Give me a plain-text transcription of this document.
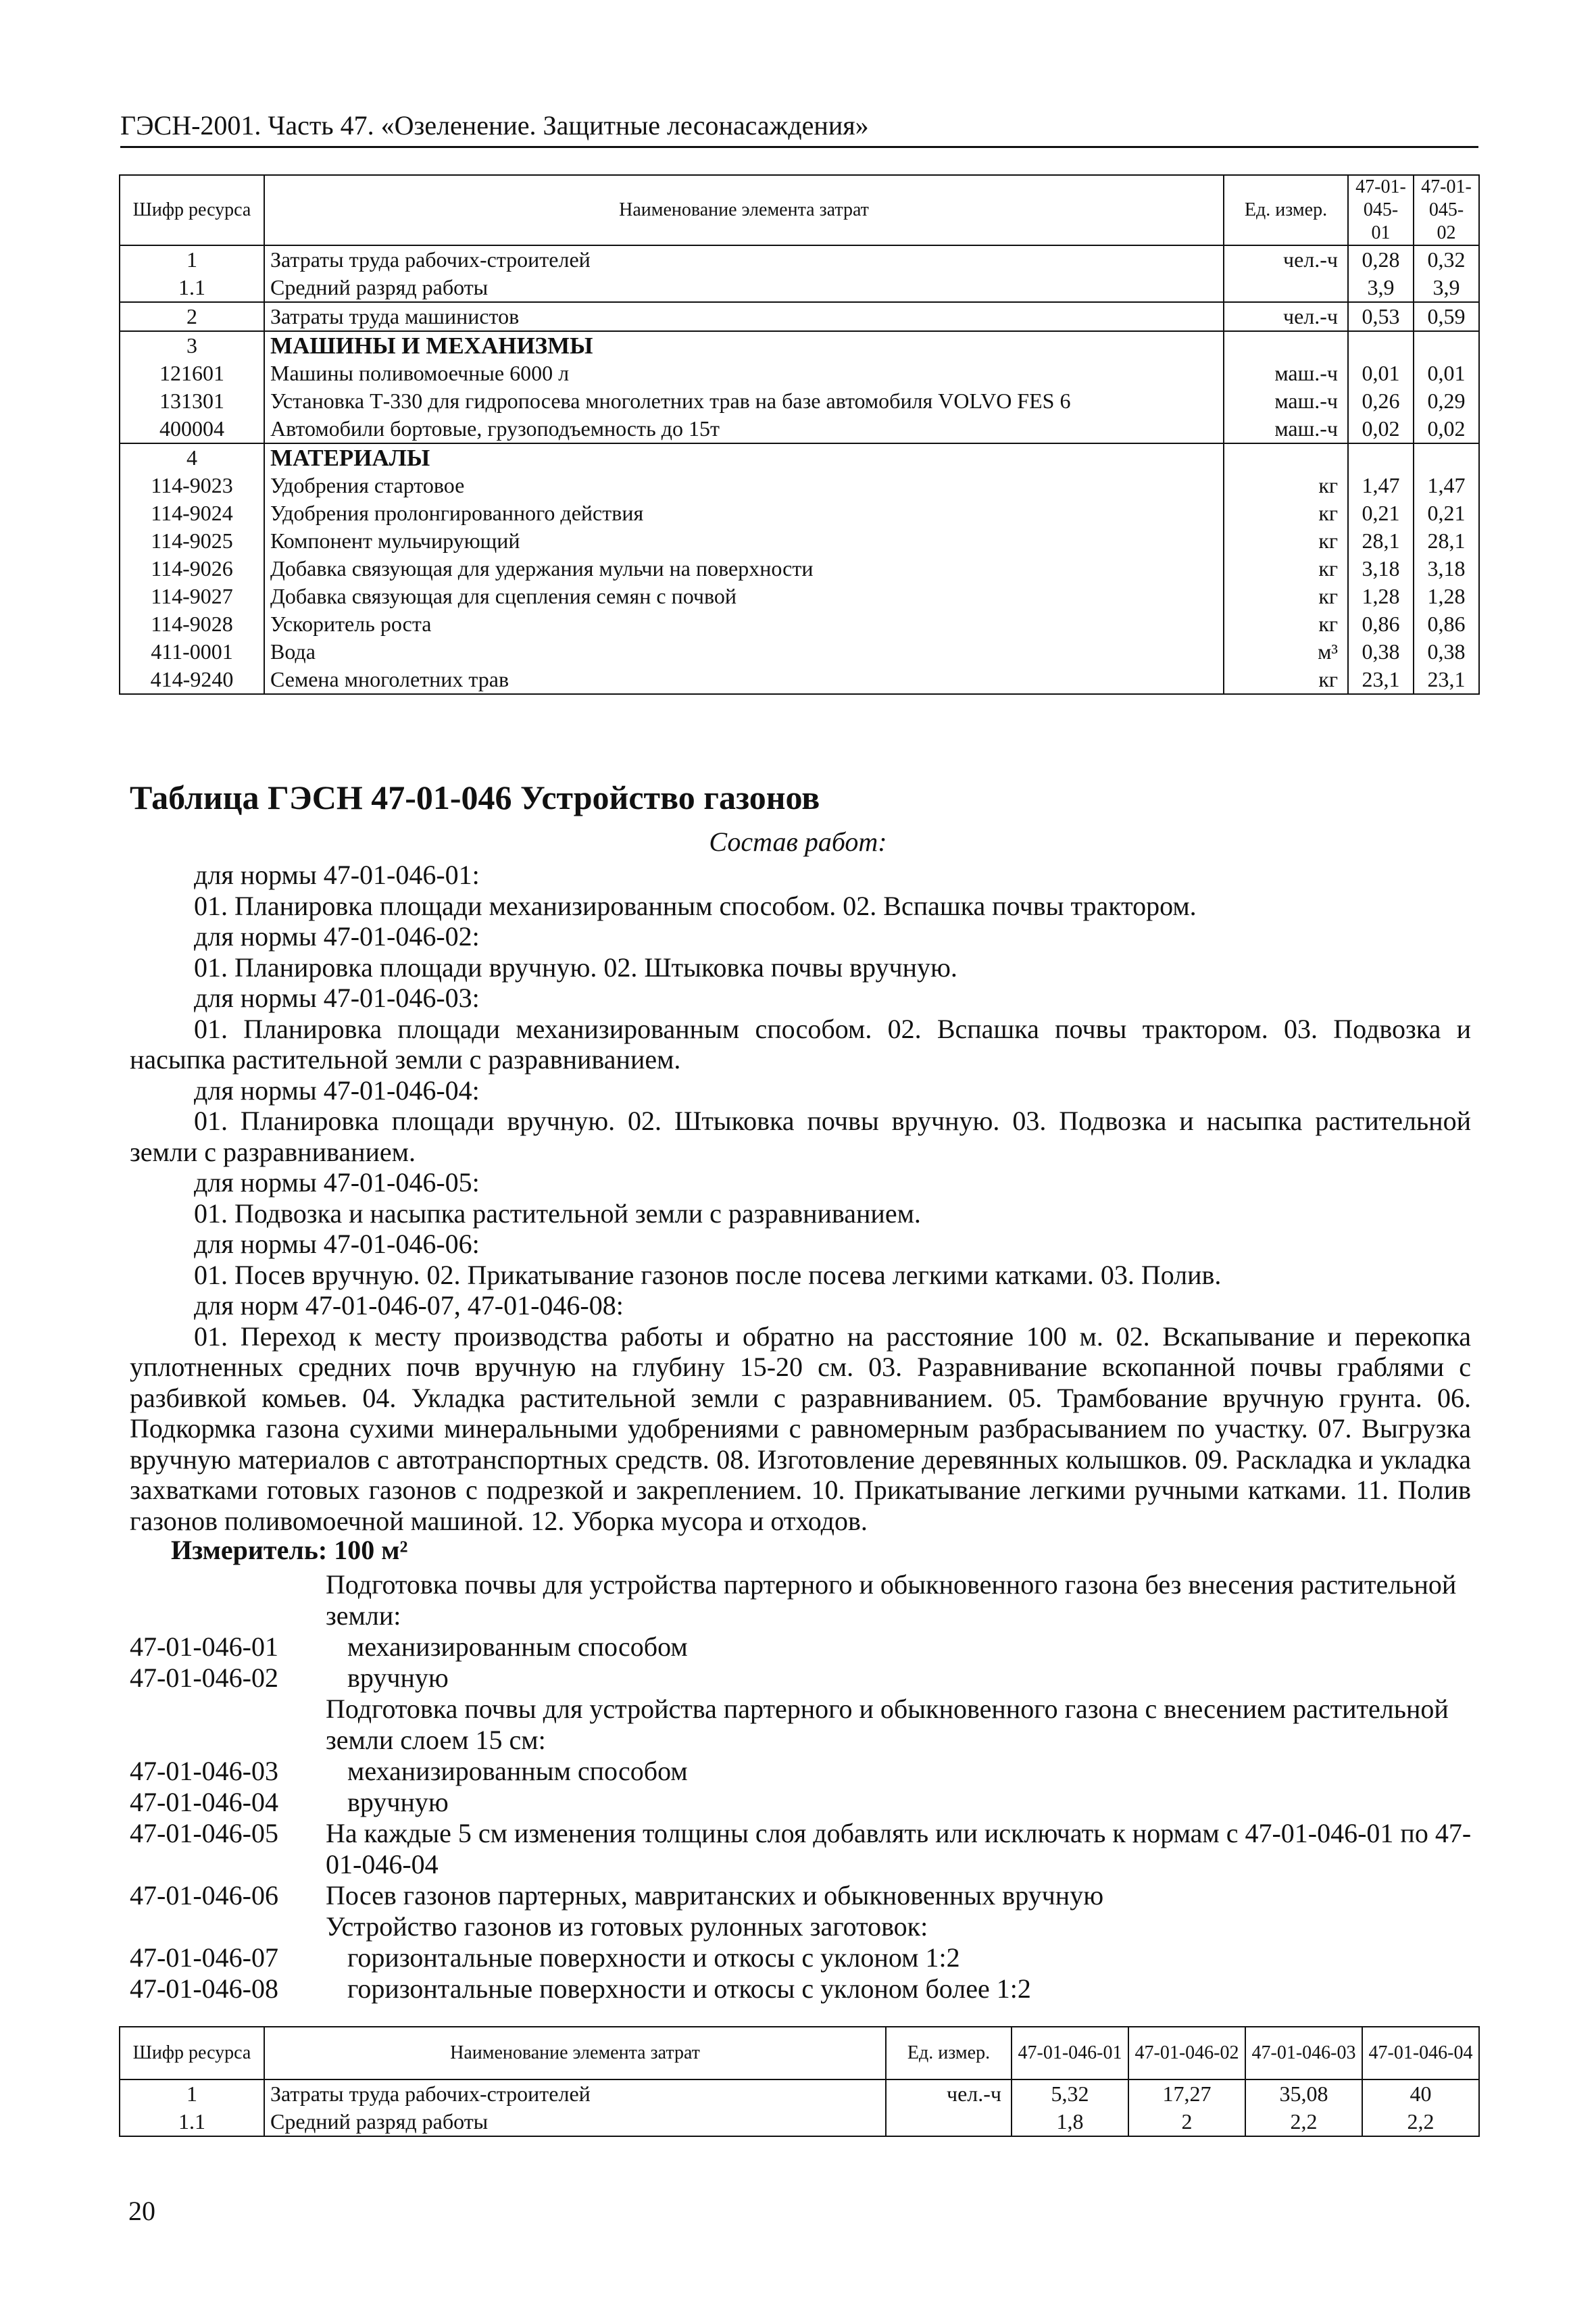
ГЭСН-2001. Часть 47. «Озеленение. Защитные лесонасаждения»
Шифр ресурса	Наименование элемента затрат	Ед. измер.	47-01-045-01	47-01-045-02
1	Затраты труда рабочих-строителей	чел.-ч	0,28	0,32
1.1	Средний разряд работы		3,9	3,9
2	Затраты труда машинистов	чел.-ч	0,53	0,59
3	МАШИНЫ И МЕХАНИЗМЫ			
121601	Машины поливомоечные 6000 л	маш.-ч	0,01	0,01
131301	Установка Т-330 для гидропосева многолетних трав на базе автомобиля VOLVO FES 6	маш.-ч	0,26	0,29
400004	Автомобили бортовые, грузоподъемность до 15т	маш.-ч	0,02	0,02
4	МАТЕРИАЛЫ			
114-9023	Удобрения стартовое	кг	1,47	1,47
114-9024	Удобрения пролонгированного действия	кг	0,21	0,21
114-9025	Компонент мульчирующий	кг	28,1	28,1
114-9026	Добавка связующая для удержания мульчи на поверхности	кг	3,18	3,18
114-9027	Добавка связующая для сцепления семян с почвой	кг	1,28	1,28
114-9028	Ускоритель роста	кг	0,86	0,86
411-0001	Вода	м³	0,38	0,38
414-9240	Семена многолетних трав	кг	23,1	23,1
Таблица ГЭСН 47-01-046 Устройство газонов
Состав работ:

для нормы 47-01-046-01:

01. Планировка площади механизированным способом. 02. Вспашка почвы трактором.

для нормы 47-01-046-02:

01. Планировка площади вручную. 02. Штыковка почвы вручную.

для нормы 47-01-046-03:

01. Планировка площади механизированным способом. 02. Вспашка почвы трактором. 03. Подвозка и насыпка растительной земли с разравниванием.

для нормы 47-01-046-04:

01. Планировка площади вручную. 02. Штыковка почвы вручную. 03. Подвозка и насыпка растительной земли с разравниванием.

для нормы 47-01-046-05:

01. Подвозка и насыпка растительной земли с разравниванием.

для нормы 47-01-046-06:

01. Посев вручную. 02. Прикатывание газонов после посева легкими катками. 03. Полив.

для норм 47-01-046-07, 47-01-046-08:

01. Переход к месту производства работы и обратно на расстояние 100 м. 02. Вскапывание и перекопка уплотненных средних почв вручную на глубину 15-20 см. 03. Разравнивание вскопанной почвы граблями с разбивкой комьев. 04. Укладка растительной земли с разравниванием. 05. Трамбование вручную грунта. 06. Подкормка газона сухими минеральными удобрениями с равномерным разбрасыванием по участку. 07. Выгрузка вручную материалов с автотранспортных средств. 08. Изготовление деревянных колышков. 09. Раскладка и укладка захватками готовых газонов с подрезкой и закреплением. 10. Прикатывание легкими ручными катками. 11. Полив газонов поливомоечной машиной. 12. Уборка мусора и отходов.

Измеритель: 100 м²
Подготовка почвы для устройства партерного и обыкновенного газона без внесения растительной земли:
47-01-046-01	механизированным способом
47-01-046-02	вручную
Подготовка почвы для устройства партерного и обыкновенного газона с внесением растительной земли слоем 15 см:
47-01-046-03	механизированным способом
47-01-046-04	вручную
47-01-046-05	На каждые 5 см изменения толщины слоя добавлять или исключать к нормам с 47-01-046-01 по 47-01-046-04
47-01-046-06	Посев газонов партерных, мавританских и обыкновенных вручную
Устройство газонов из готовых рулонных заготовок:
47-01-046-07	горизонтальные поверхности и откосы с уклоном 1:2
47-01-046-08	горизонтальные поверхности и откосы с уклоном более 1:2
Шифр ресурса	Наименование элемента затрат	Ед. измер.	47-01-046-01	47-01-046-02	47-01-046-03	47-01-046-04
1	Затраты труда рабочих-строителей	чел.-ч	5,32	17,27	35,08	40
1.1	Средний разряд работы		1,8	2	2,2	2,2
20
